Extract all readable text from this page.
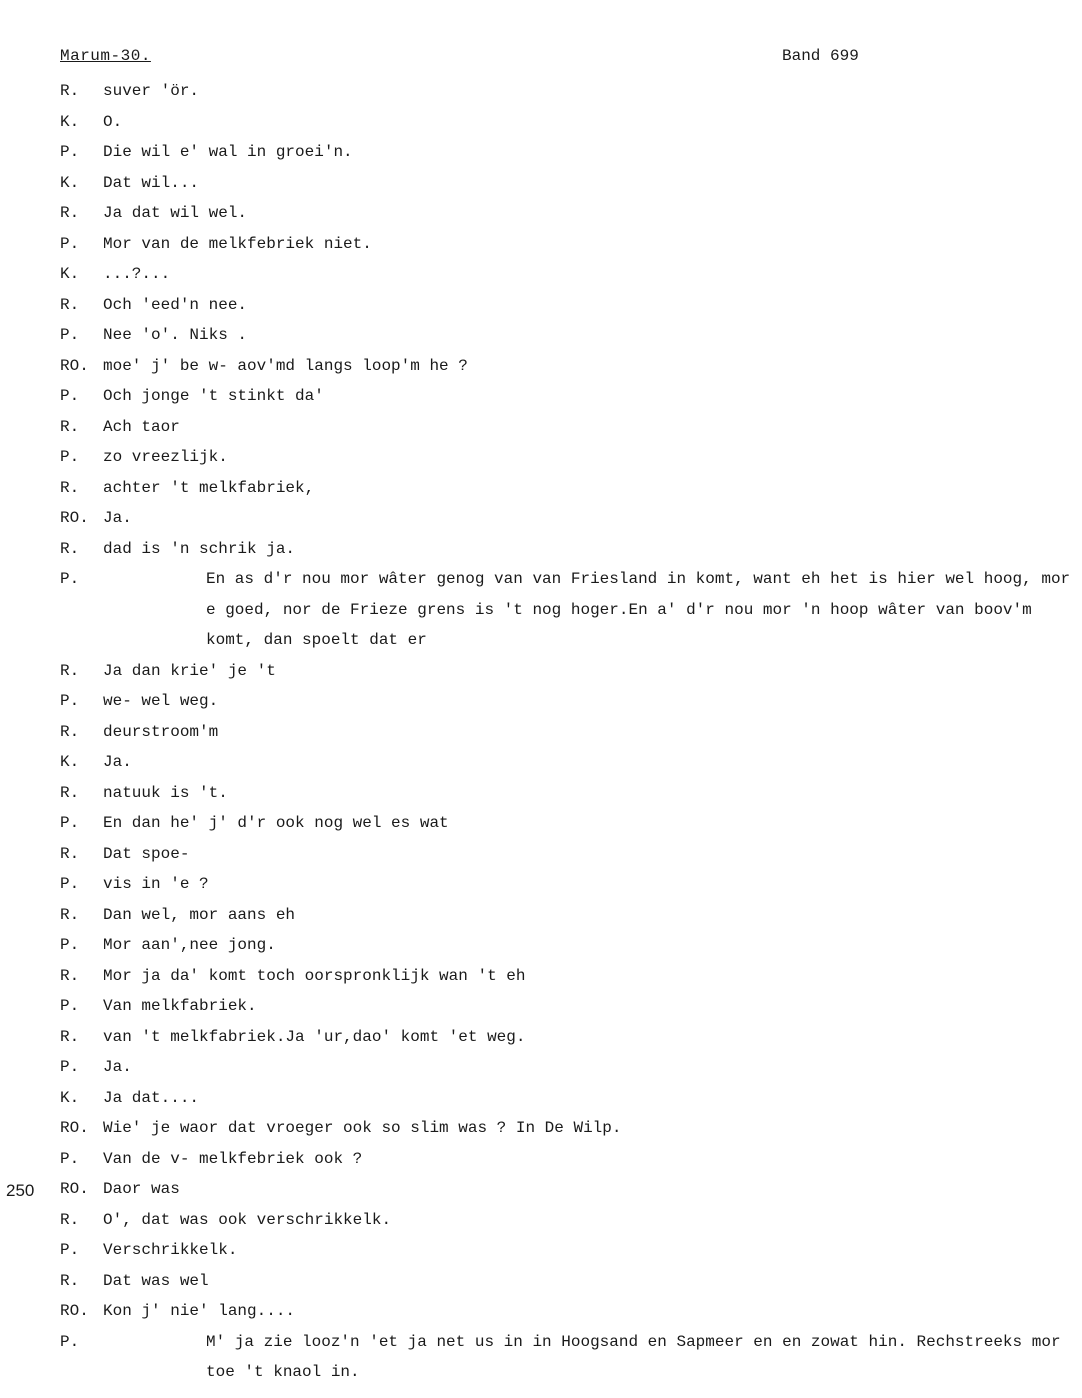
Marum-30.	Band 699
250
R. suver 'ör.
K. O.
P. Die wil e' wal in groei'n.
K. Dat wil...
R. Ja dat wil wel.
P. Mor van de melkfebriek niet.
K. ...?...
R. Och 'eed'n nee.
P. Nee 'o'. Niks .
RO. moe' j' be w- aov'md langs loop'm he ?
P. Och jonge 't stinkt da'
R. Ach taor
P. zo vreezlijk.
R. achter 't melkfabriek,
RO. Ja.
R. dad is 'n schrik ja.
P.	En as d'r nou mor wâter genog van van Friesland in komt, want eh het is hier wel hoog, mor e goed, nor de Frieze grens is 't nog hoger.En a' d'r nou mor 'n hoop wâter van boov'm komt, dan spoelt dat er
R. Ja dan krie' je 't
P. we- wel weg.
R. deurstroom'm
K. Ja.
R. natuuk is 't.
P. En dan he' j' d'r ook nog wel es wat
R. Dat spoe-
P. vis in 'e ?
R. Dan wel, mor aans eh
P. Mor aan',nee jong.
R. Mor ja da' komt toch oorspronklijk wan 't eh
P. Van melkfabriek.
R. van 't melkfabriek.Ja 'ur,dao' komt 'et weg.
P. Ja.
K. Ja dat....
RO. Wie' je waor dat vroeger ook so slim was ? In De Wilp.
P. Van de v- melkfebriek ook ?
RO. Daor was
R. O', dat was ook verschrikkelk.
P. Verschrikkelk.
R. Dat was wel
RO. Kon j' nie' lang....
P.	M' ja zie looz'n 'et ja net us in in Hoogsand en Sapmeer en en zowat hin. Rechstreeks mor toe 't knaol in.
